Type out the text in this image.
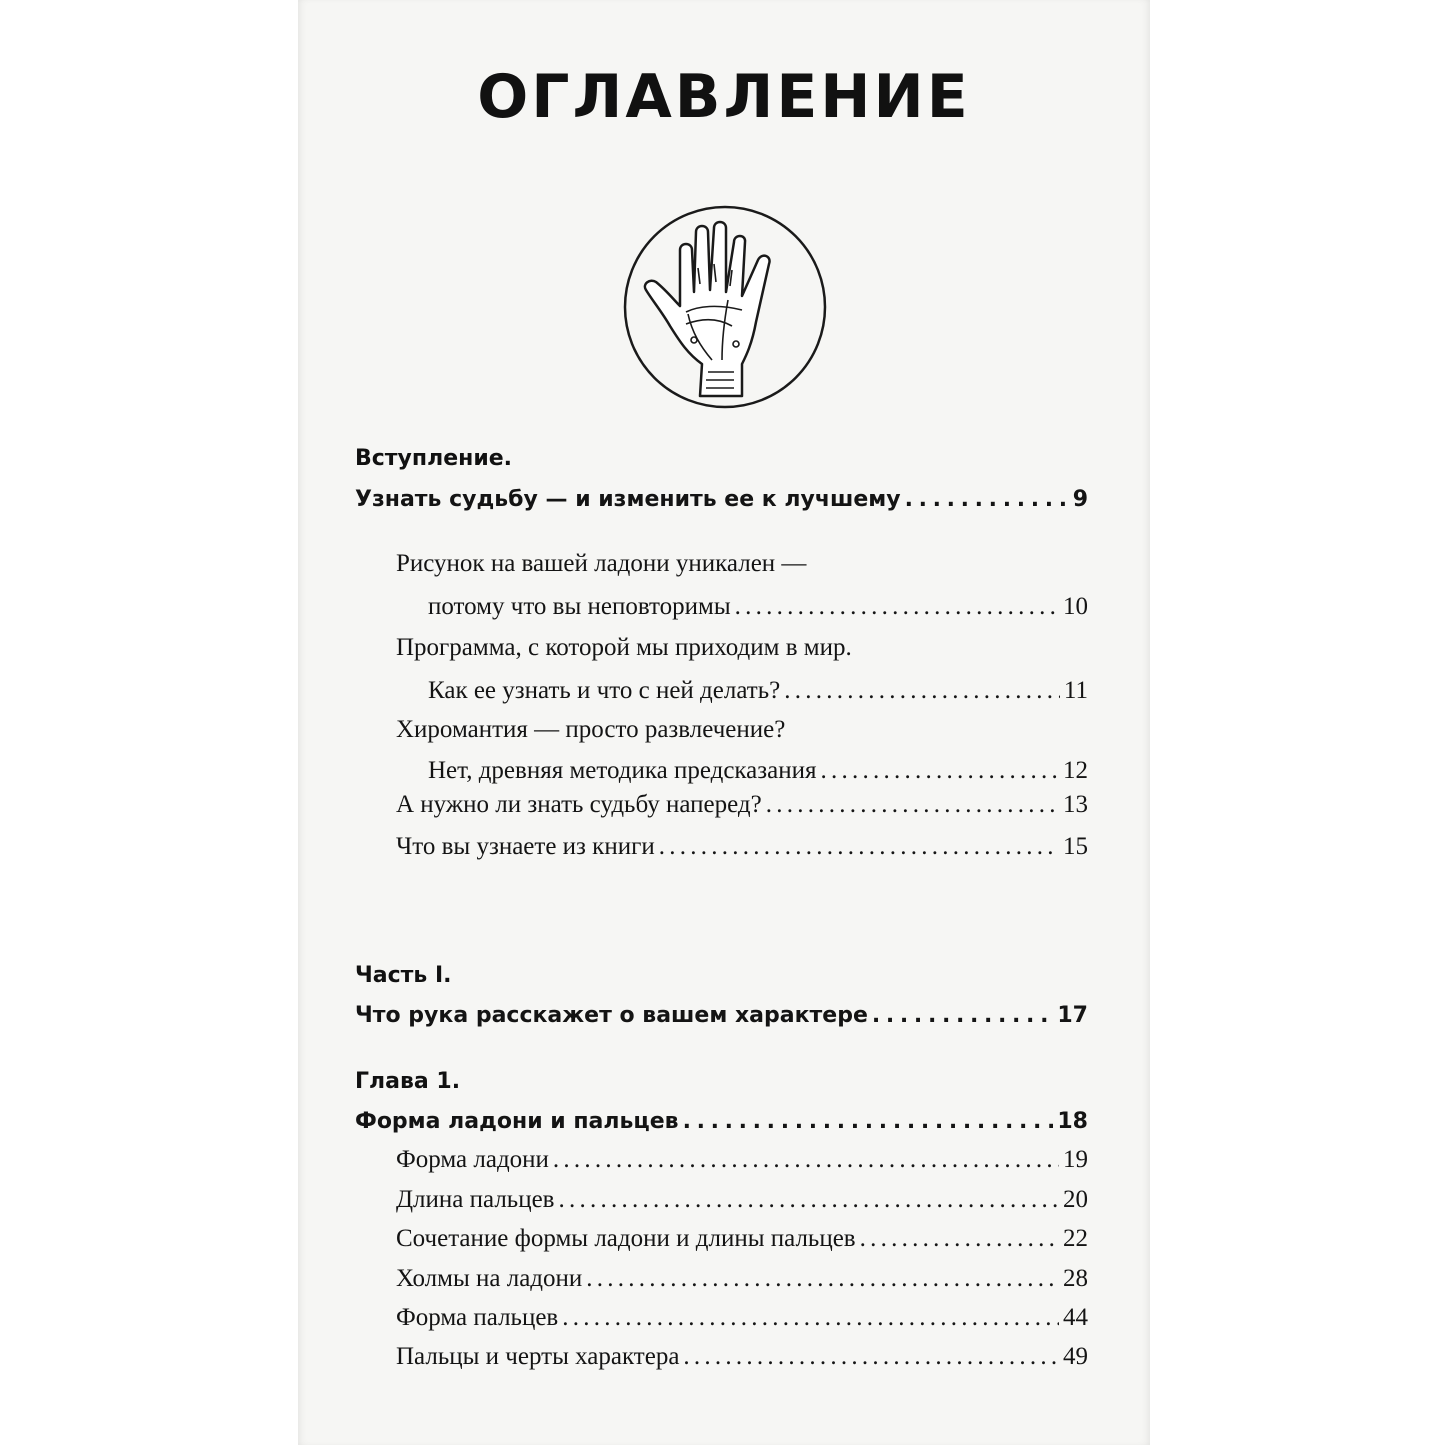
ОГЛАВЛЕНИЕ
Вступление.
Узнать судьбу — и изменить ее к лучшему . . .	9
Рисунок на вашей ладони уникален —
потому что вы неповторимы . . .	10
Программа, с которой мы приходим в мир.
Как ее узнать и что с ней делать? . . .	11
Хиромантия — просто развлечение?
Нет, древняя методика предсказания . . .	12
А нужно ли знать судьбу наперед? . . .	13
Что вы узнаете из книги . . .	15
Часть I.
Что рука расскажет о вашем характере . . .	17
Глава 1.
Форма ладони и пальцев . . .	18
Форма ладони . . .	19
Длина пальцев . . .	20
Сочетание формы ладони и длины пальцев . . .	22
Холмы на ладони . . .	28
Форма пальцев . . .	44
Пальцы и черты характера . . .	49
